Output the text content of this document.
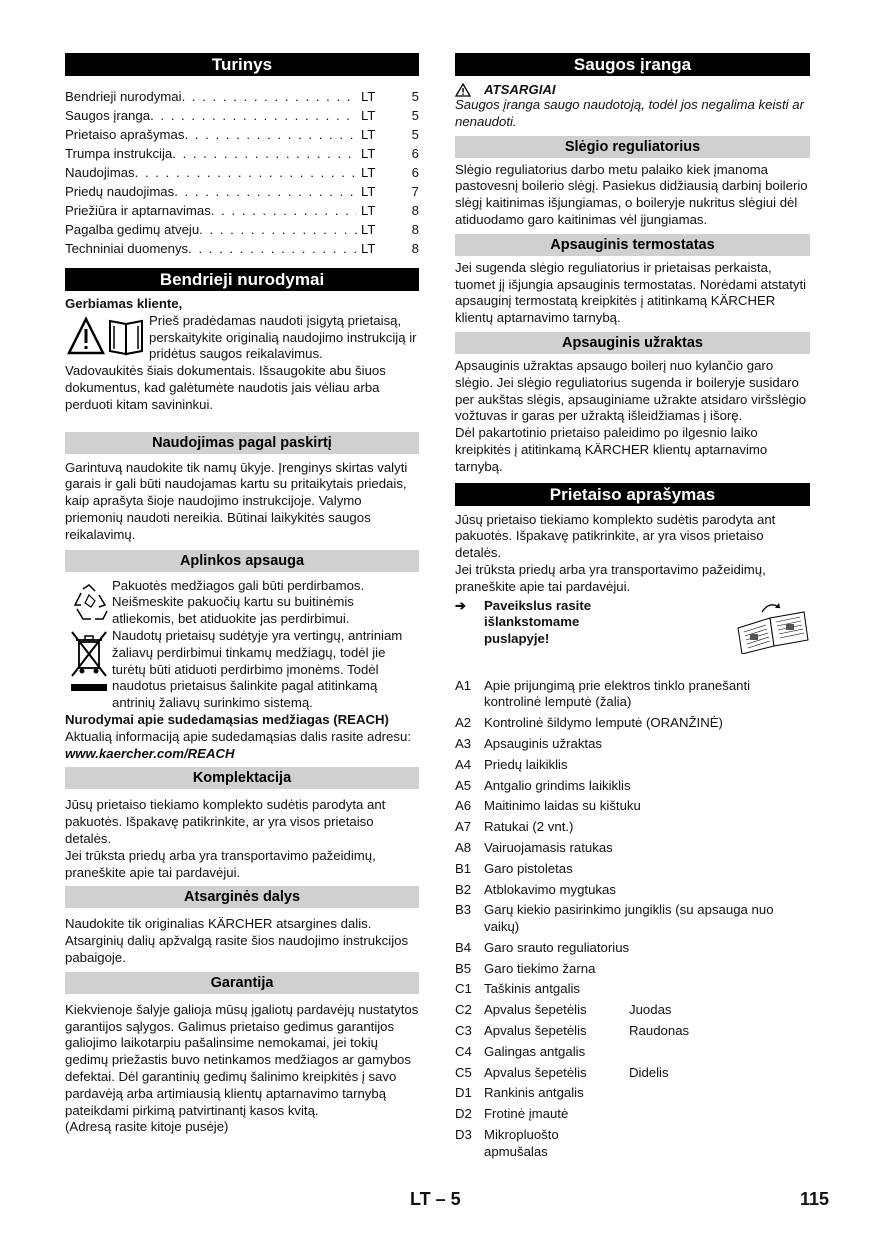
Turinys
Bendrieji nurodymai . . .	LT	5
Saugos įranga . . .	LT	5
Prietaiso aprašymas . . .	LT	5
Trumpa instrukcija . . .	LT	6
Naudojimas . . .	LT	6
Priedų naudojimas . . .	LT	7
Priežiūra ir aptarnavimas . . .	LT	8
Pagalba gedimų atveju . . .	LT	8
Techniniai duomenys . . .	LT	8
Bendrieji nurodymai

Gerbiamas kliente,

Prieš pradėdamas naudoti įsigytą prietaisą, perskaitykite originalią naudojimo instrukciją ir pridėtus saugos reikalavimus.

Vadovaukitės šiais dokumentais. Išsaugokite abu šiuos dokumentus, kad galėtumėte naudotis jais vėliau arba perduoti kitam savininkui.

Naudojimas pagal paskirtį

Garintuvą naudokite tik namų ūkyje. Įrenginys skirtas valyti garais ir gali būti naudojamas kartu su pritaikytais priedais, kaip aprašyta šioje naudojimo instrukcijoje. Valymo priemonių naudoti nereikia. Būtinai laikykitės saugos reikalavimų.

Aplinkos apsauga

Pakuotės medžiagos gali būti perdirbamos. Neišmeskite pakuočių kartu su buitinėmis atliekomis, bet atiduokite jas perdirbimui.

Naudotų prietaisų sudėtyje yra vertingų, antriniam žaliavų perdirbimui tinkamų medžiagų, todėl jie turėtų būti atiduoti perdirbimo įmonėms. Todėl naudotus prietaisus šalinkite pagal atitinkamą antrinių žaliavų surinkimo sistemą.

Nurodymai apie sudedamąsias medžiagas (REACH)

Aktualią informaciją apie sudedamąsias dalis rasite adresu:

www.kaercher.com/REACH

Komplektacija

Jūsų prietaiso tiekiamo komplekto sudėtis parodyta ant pakuotės. Išpakavę patikrinkite, ar yra visos prietaiso detalės.

Jei trūksta priedų arba yra transportavimo pažeidimų, praneškite apie tai pardavėjui.

Atsarginės dalys

Naudokite tik originalias KÄRCHER atsargines dalis. Atsarginių dalių apžvalgą rasite šios naudojimo instrukcijos pabaigoje.

Garantija

Kiekvienoje šalyje galioja mūsų įgaliotų pardavėjų nustatytos garantijos sąlygos. Galimus prietaiso gedimus garantijos galiojimo laikotarpiu pašalinsime nemokamai, jei tokių gedimų priežastis buvo netinkamos medžiagos ar gamybos defektai. Dėl garantinių gedimų šalinimo kreipkitės į savo pardavėją arba artimiausią klientų aptarnavimo tarnybą pateikdami pirkimą patvirtinantį kasos kvitą.

(Adresą rasite kitoje pusėje)

Saugos įranga
ATSARGIAI

Saugos įranga saugo naudotoją, todėl jos negalima keisti ar nenaudoti.

Slėgio reguliatorius

Slėgio reguliatorius darbo metu palaiko kiek įmanoma pastovesnį boilerio slėgį. Pasiekus didžiausią darbinį boilerio slėgį kaitinimas išjungiamas, o boileryje nukritus slėgiui dėl atiduodamo garo kaitinimas vėl įjungiamas.

Apsauginis termostatas

Jei sugenda slėgio reguliatorius ir prietaisas perkaista, tuomet jį išjungia apsauginis termostatas. Norėdami atstatyti apsauginį termostatą kreipkitės į atitinkamą KÄRCHER klientų aptarnavimo tarnybą.

Apsauginis užraktas

Apsauginis užraktas apsaugo boilerį nuo kylančio garo slėgio. Jei slėgio reguliatorius sugenda ir boileryje susidaro per aukštas slėgis, apsauginiame užrakte atsidaro viršslėgio vožtuvas ir garas per užraktą išleidžiamas į išorę.

Dėl pakartotinio prietaiso paleidimo po ilgesnio laiko kreipkitės į atitinkamą KÄRCHER klientų aptarnavimo tarnybą.

Prietaiso aprašymas

Jūsų prietaiso tiekiamo komplekto sudėtis parodyta ant pakuotės. Išpakavę patikrinkite, ar yra visos prietaiso detalės.

Jei trūksta priedų arba yra transportavimo pažeidimų, praneškite apie tai pardavėjui.

➔	Paveikslus rasite išlankstomame puslapyje!

A1 Apie prijungimą prie elektros tinklo pranešanti kontrolinė lemputė (žalia)
A2 Kontrolinė šildymo lemputė (ORANŽINĖ)
A3 Apsauginis užraktas
A4 Priedų laikiklis
A5 Antgalio grindims laikiklis
A6 Maitinimo laidas su kištuku
A7 Ratukai (2 vnt.)
A8 Vairuojamasis ratukas
B1 Garo pistoletas
B2 Atblokavimo mygtukas
B3 Garų kiekio pasirinkimo jungiklis (su apsauga nuo vaikų)
B4 Garo srauto reguliatorius
B5 Garo tiekimo žarna
C1 Taškinis antgalis
C2 Apvalus šepetėlis	Juodas
C3 Apvalus šepetėlis	Raudonas
C4 Galingas antgalis
C5 Apvalus šepetėlis	Didelis
D1 Rankinis antgalis
D2 Frotinė įmautė
D3 Mikropluošto apmušalas
LT – 5	115
